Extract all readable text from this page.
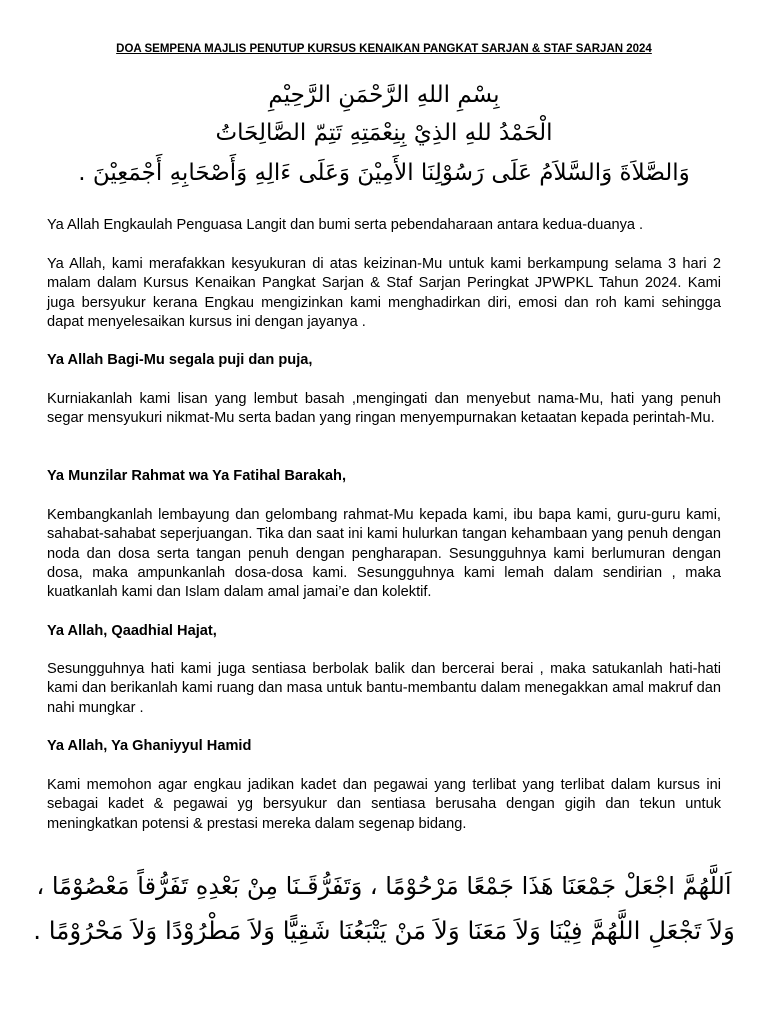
DOA SEMPENA MAJLIS PENUTUP KURSUS KENAIKAN PANGKAT SARJAN & STAF SARJAN 2024
بِسْمِ اللهِ الرَّحْمَنِ الرَّحِيْمِ
الْحَمْدُ للهِ الذِيْ بِنِعْمَتِهِ تَتِمّ الصَّالِحَاتُ
وَالصَّلاَةَ وَالسَّلاَمُ عَلَى رَسُوْلِنَا الأَمِيْنَ وَعَلَى ءَالِهِ وَأَصْحَابِهِ أَجْمَعِيْنَ .
Ya Allah Engkaulah Penguasa Langit dan bumi serta pebendaharaan antara kedua-duanya .
Ya Allah, kami merafakkan kesyukuran di atas keizinan-Mu untuk kami berkampung selama 3 hari 2 malam dalam Kursus Kenaikan Pangkat Sarjan & Staf Sarjan Peringkat JPWPKL Tahun 2024. Kami juga bersyukur kerana Engkau mengizinkan kami menghadirkan diri, emosi dan roh kami sehingga dapat menyelesaikan kursus ini dengan jayanya .
Ya Allah Bagi-Mu segala puji dan puja,
Kurniakanlah kami lisan yang lembut basah ,mengingati dan menyebut nama-Mu, hati yang penuh segar mensyukuri nikmat-Mu serta badan yang ringan menyempurnakan ketaatan kepada perintah-Mu.
Ya Munzilar Rahmat wa Ya Fatihal Barakah,
Kembangkanlah lembayung dan gelombang rahmat-Mu kepada kami, ibu bapa kami, guru-guru kami, sahabat-sahabat seperjuangan. Tika dan saat ini kami hulurkan tangan kehambaan yang penuh dengan noda dan dosa serta tangan penuh dengan pengharapan. Sesungguhnya kami berlumuran dengan dosa, maka ampunkanlah dosa-dosa kami. Sesungguhnya kami lemah dalam sendirian , maka kuatkanlah kami dan Islam dalam amal jamai’e dan kolektif.
Ya Allah, Qaadhial Hajat,
Sesungguhnya hati kami juga sentiasa berbolak balik dan bercerai berai , maka satukanlah hati-hati kami dan berikanlah kami ruang dan masa untuk bantu-membantu dalam menegakkan amal makruf dan nahi mungkar .
Ya Allah, Ya Ghaniyyul Hamid
Kami memohon agar engkau jadikan kadet dan pegawai yang terlibat yang terlibat dalam kursus ini sebagai kadet & pegawai yg bersyukur dan sentiasa berusaha dengan gigih dan tekun untuk meningkatkan potensi & prestasi mereka dalam segenap bidang.
اَللَّهُمَّ اجْعَلْ جَمْعَنَا هَذَا جَمْعًا مَرْحُوْمًا ، وَتَفَرُّقَـنَا مِنْ بَعْدِهِ تَفَرُّقاً مَعْصُوْمًا ،
وَلاَ تَجْعَلِ اللَّهُمَّ فِيْنَا وَلاَ مَعَنَا وَلاَ مَنْ يَتْبَعُنَا شَقِيًّا وَلاَ مَطْرُوْدًا وَلاَ مَحْرُوْمًا .
